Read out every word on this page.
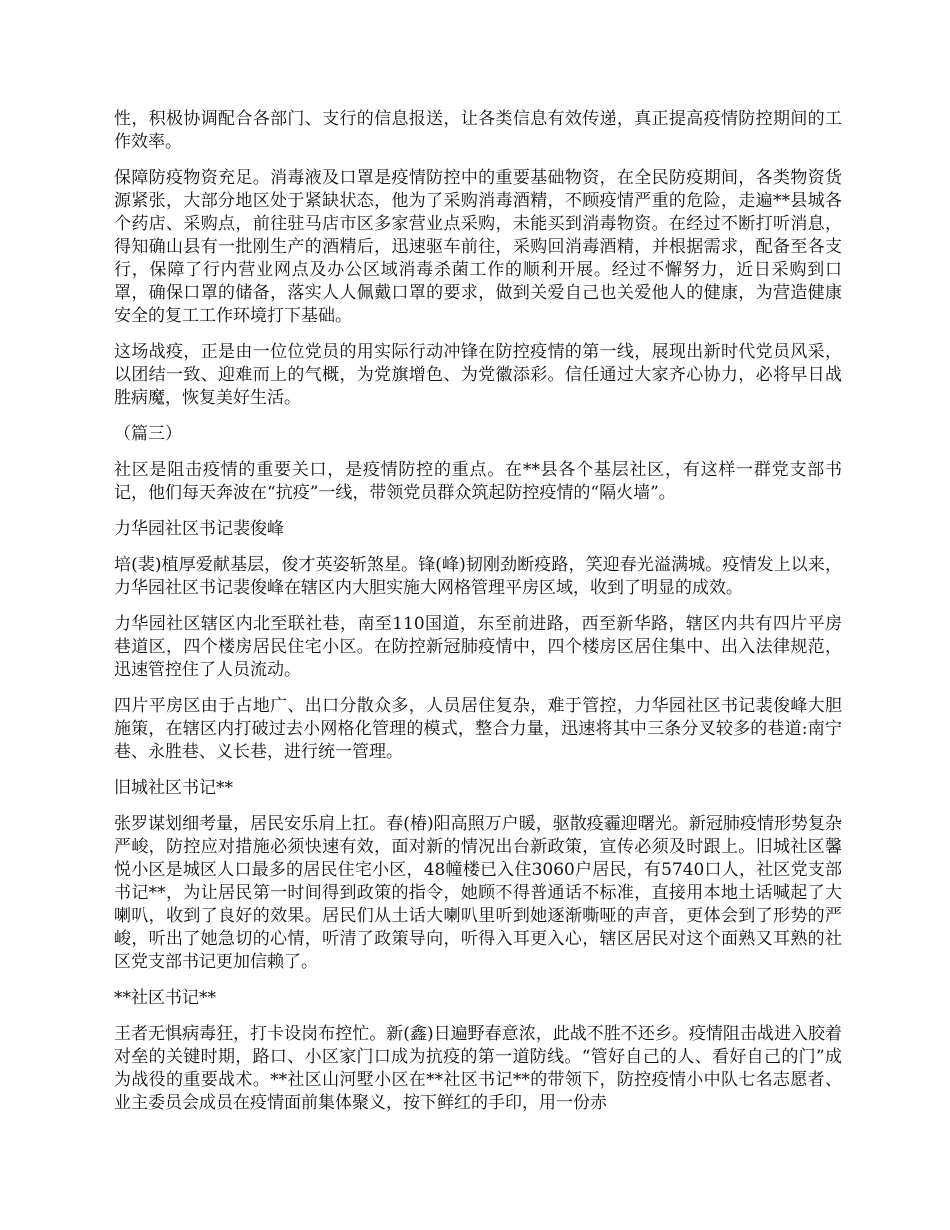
性，积极协调配合各部门、支行的信息报送，让各类信息有效传递，真正提高疫情防控期间的工作效率。

保障防疫物资充足。消毒液及口罩是疫情防控中的重要基础物资，在全民防疫期间，各类物资货源紧张，大部分地区处于紧缺状态，他为了采购消毒酒精，不顾疫情严重的危险，走遍**县城各个药店、采购点，前往驻马店市区多家营业点采购，未能买到消毒物资。在经过不断打听消息，得知确山县有一批刚生产的酒精后，迅速驱车前往，采购回消毒酒精，并根据需求，配备至各支行，保障了行内营业网点及办公区域消毒杀菌工作的顺利开展。经过不懈努力，近日采购到口罩，确保口罩的储备，落实人人佩戴口罩的要求，做到关爱自己也关爱他人的健康，为营造健康安全的复工工作环境打下基础。

这场战疫，正是由一位位党员的用实际行动冲锋在防控疫情的第一线，展现出新时代党员风采，以团结一致、迎难而上的气概，为党旗增色、为党徽添彩。信任通过大家齐心协力，必将早日战胜病魔，恢复美好生活。

（篇三）

社区是阻击疫情的重要关口，是疫情防控的重点。在**县各个基层社区，有这样一群党支部书记，他们每天奔波在“抗疫”一线，带领党员群众筑起防控疫情的“隔火墙”。

力华园社区书记裴俊峰

培(裴)植厚爱献基层，俊才英姿斩煞星。锋(峰)韧刚劲断疫路，笑迎春光溢满城。疫情发上以来，力华园社区书记裴俊峰在辖区内大胆实施大网格管理平房区域，收到了明显的成效。

力华园社区辖区内北至联社巷，南至110国道，东至前进路，西至新华路，辖区内共有四片平房巷道区，四个楼房居民住宅小区。在防控新冠肺疫情中，四个楼房区居住集中、出入法律规范，迅速管控住了人员流动。

四片平房区由于占地广、出口分散众多，人员居住复杂，难于管控，力华园社区书记裴俊峰大胆施策，在辖区内打破过去小网格化管理的模式，整合力量，迅速将其中三条分叉较多的巷道:南宁巷、永胜巷、义长巷，进行统一管理。

旧城社区书记**

张罗谋划细考量，居民安乐肩上扛。春(椿)阳高照万户暖，驱散疫霾迎曙光。新冠肺疫情形势复杂严峻，防控应对措施必须快速有效，面对新的情况出台新政策，宣传必须及时跟上。旧城社区馨悦小区是城区人口最多的居民住宅小区，48幢楼已入住3060户居民，有5740口人，社区党支部书记**，为让居民第一时间得到政策的指令，她顾不得普通话不标准，直接用本地土话喊起了大喇叭，收到了良好的效果。居民们从土话大喇叭里听到她逐渐嘶哑的声音，更体会到了形势的严峻，听出了她急切的心情，听清了政策导向，听得入耳更入心，辖区居民对这个面熟又耳熟的社区党支部书记更加信赖了。

**社区书记**

王者无惧病毒狂，打卡设岗布控忙。新(鑫)日遍野春意浓，此战不胜不还乡。疫情阻击战进入胶着对垒的关键时期，路口、小区家门口成为抗疫的第一道防线。“管好自己的人、看好自己的门”成为战役的重要战术。**社区山河墅小区在**社区书记**的带领下，防控疫情小中队七名志愿者、业主委员会成员在疫情面前集体聚义，按下鲜红的手印，用一份赤
